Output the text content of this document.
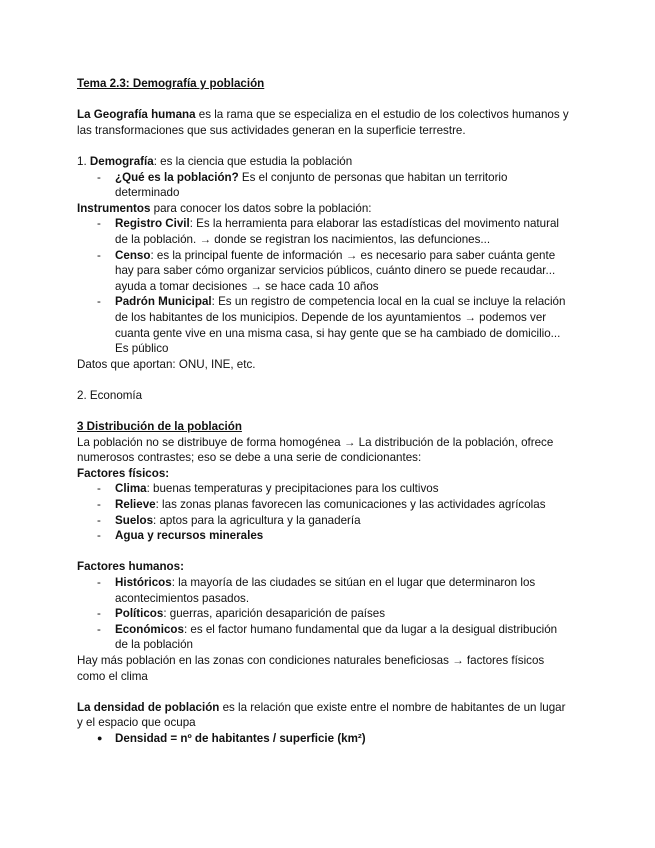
Tema 2.3: Demografía y población
La Geografía humana es la rama que se especializa en el estudio de los colectivos humanos y
las transformaciones que sus actividades generan en la superficie terrestre.
1. Demografía: es la ciencia que estudia la población
- ¿Qué es la población? Es el conjunto de personas que habitan un territorio
determinado
Instrumentos para conocer los datos sobre la población:
- Registro Civil: Es la herramienta para elaborar las estadísticas del movimento natural
de la población. → donde se registran los nacimientos, las defunciones...
- Censo: es la principal fuente de información → es necesario para saber cuánta gente
hay para saber cómo organizar servicios públicos, cuánto dinero se puede recaudar...
ayuda a tomar decisiones → se hace cada 10 años
- Padrón Municipal: Es un registro de competencia local en la cual se incluye la relación
de los habitantes de los municipios. Depende de los ayuntamientos → podemos ver
cuanta gente vive en una misma casa, si hay gente que se ha cambiado de domicilio...
Es público
Datos que aportan: ONU, INE, etc.
2. Economía
3 Distribución de la población
La población no se distribuye de forma homogénea → La distribución de la población, ofrece
numerosos contrastes; eso se debe a una serie de condicionantes:
Factores físicos:
- Clima: buenas temperaturas y precipitaciones para los cultivos
- Relieve: las zonas planas favorecen las comunicaciones y las actividades agrícolas
- Suelos: aptos para la agricultura y la ganadería
- Agua y recursos minerales
Factores humanos:
- Históricos: la mayoría de las ciudades se sitúan en el lugar que determinaron los
acontecimientos pasados.
- Políticos: guerras, aparición desaparición de países
- Económicos: es el factor humano fundamental que da lugar a la desigual distribución
de la población
Hay más población en las zonas con condiciones naturales beneficiosas → factores físicos
como el clima
La densidad de población es la relación que existe entre el nombre de habitantes de un lugar
y el espacio que ocupa
● Densidad = nº de habitantes / superficie (km²)
